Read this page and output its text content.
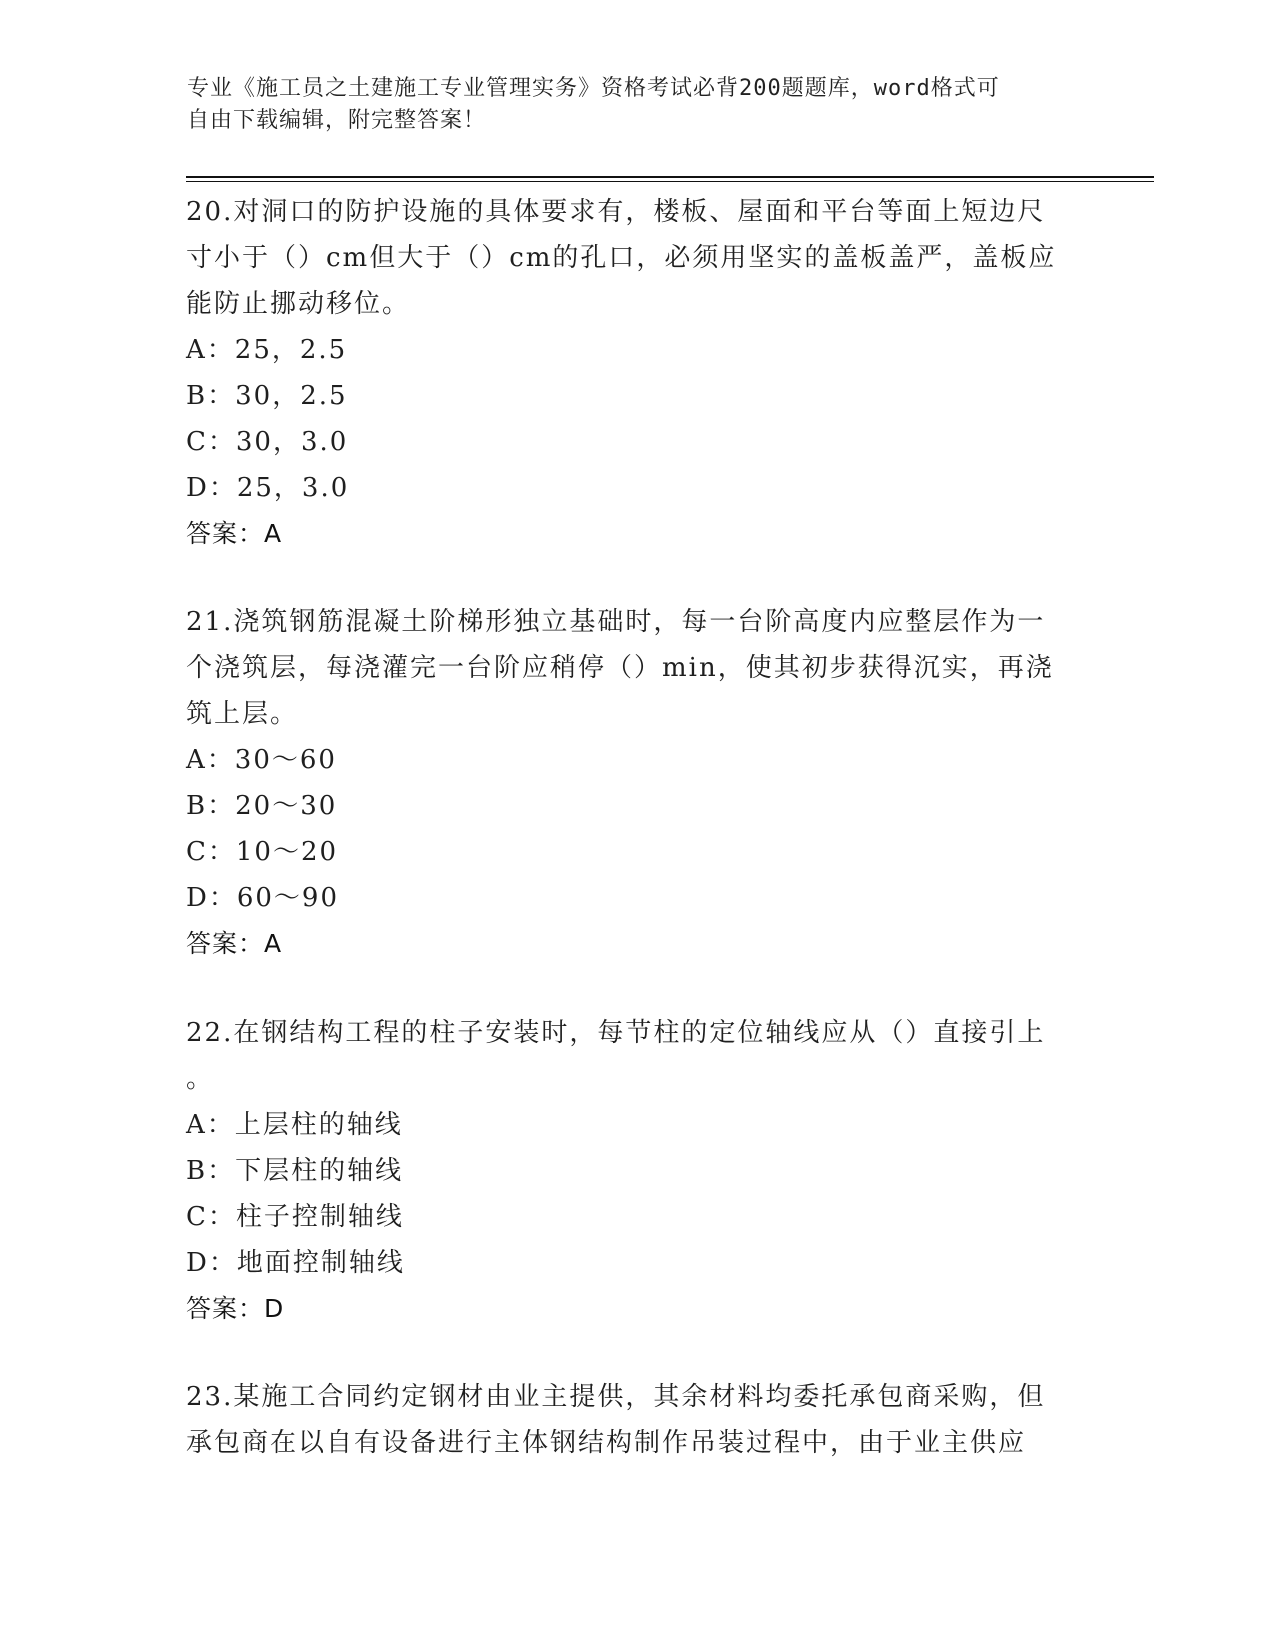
专业《施工员之土建施工专业管理实务》资格考试必背200题题库，word格式可
自由下载编辑，附完整答案！
20.对洞口的防护设施的具体要求有，楼板、屋面和平台等面上短边尺
寸小于（）cm但大于（）cm的孔口，必须用坚实的盖板盖严，盖板应
能防止挪动移位。
A：25，2.5
B：30，2.5
C：30，3.0
D：25，3.0
答案：A
21.浇筑钢筋混凝土阶梯形独立基础时，每一台阶高度内应整层作为一
个浇筑层，每浇灌完一台阶应稍停（）min，使其初步获得沉实，再浇
筑上层。
A：30～60
B：20～30
C：10～20
D：60～90
答案：A
22.在钢结构工程的柱子安装时，每节柱的定位轴线应从（）直接引上
。
A：上层柱的轴线
B：下层柱的轴线
C：柱子控制轴线
D：地面控制轴线
答案：D
23.某施工合同约定钢材由业主提供，其余材料均委托承包商采购，但
承包商在以自有设备进行主体钢结构制作吊装过程中，由于业主供应
